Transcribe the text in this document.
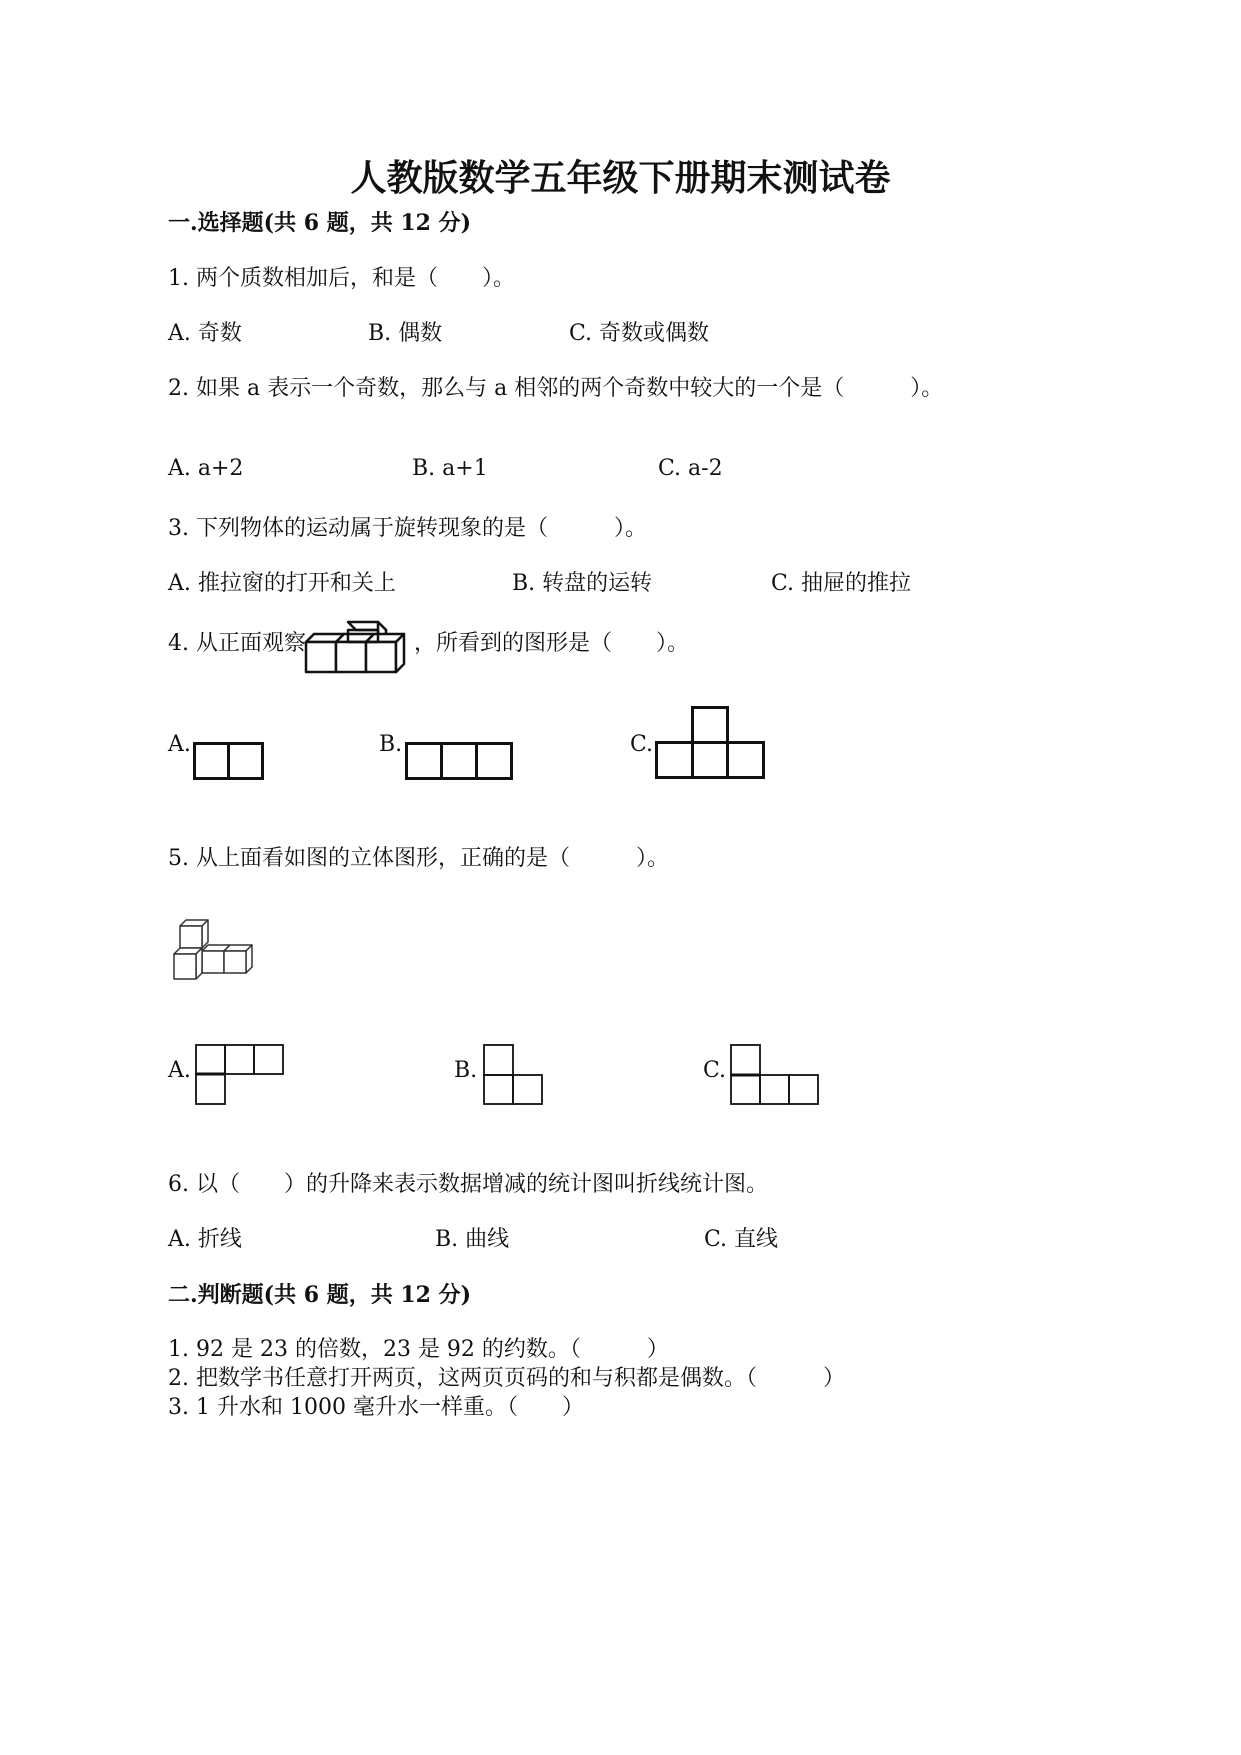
人教版数学五年级下册期末测试卷
一.选择题(共 6 题，共 12 分)
1. 两个质数相加后，和是（　　）。
A. 奇数	B. 偶数	C. 奇数或偶数
2. 如果 a 表示一个奇数，那么与 a 相邻的两个奇数中较大的一个是（　　　）。
A. a+2	B. a+1	C. a-2
3. 下列物体的运动属于旋转现象的是（　　　）。
A. 推拉窗的打开和关上	B. 转盘的运转	C. 抽屉的推拉
4. 从正面观察	，所看到的图形是（　　）。
A.	B.	C.
5. 从上面看如图的立体图形，正确的是（　　　）。
A.	B.	C.
6. 以（　　）的升降来表示数据增减的统计图叫折线统计图。
A. 折线	B. 曲线	C. 直线
二.判断题(共 6 题，共 12 分)
1. 92 是 23 的倍数，23 是 92 的约数。（　　　）
2. 把数学书任意打开两页，这两页页码的和与积都是偶数。（　　　）
3. 1 升水和 1000 毫升水一样重。（　　）
